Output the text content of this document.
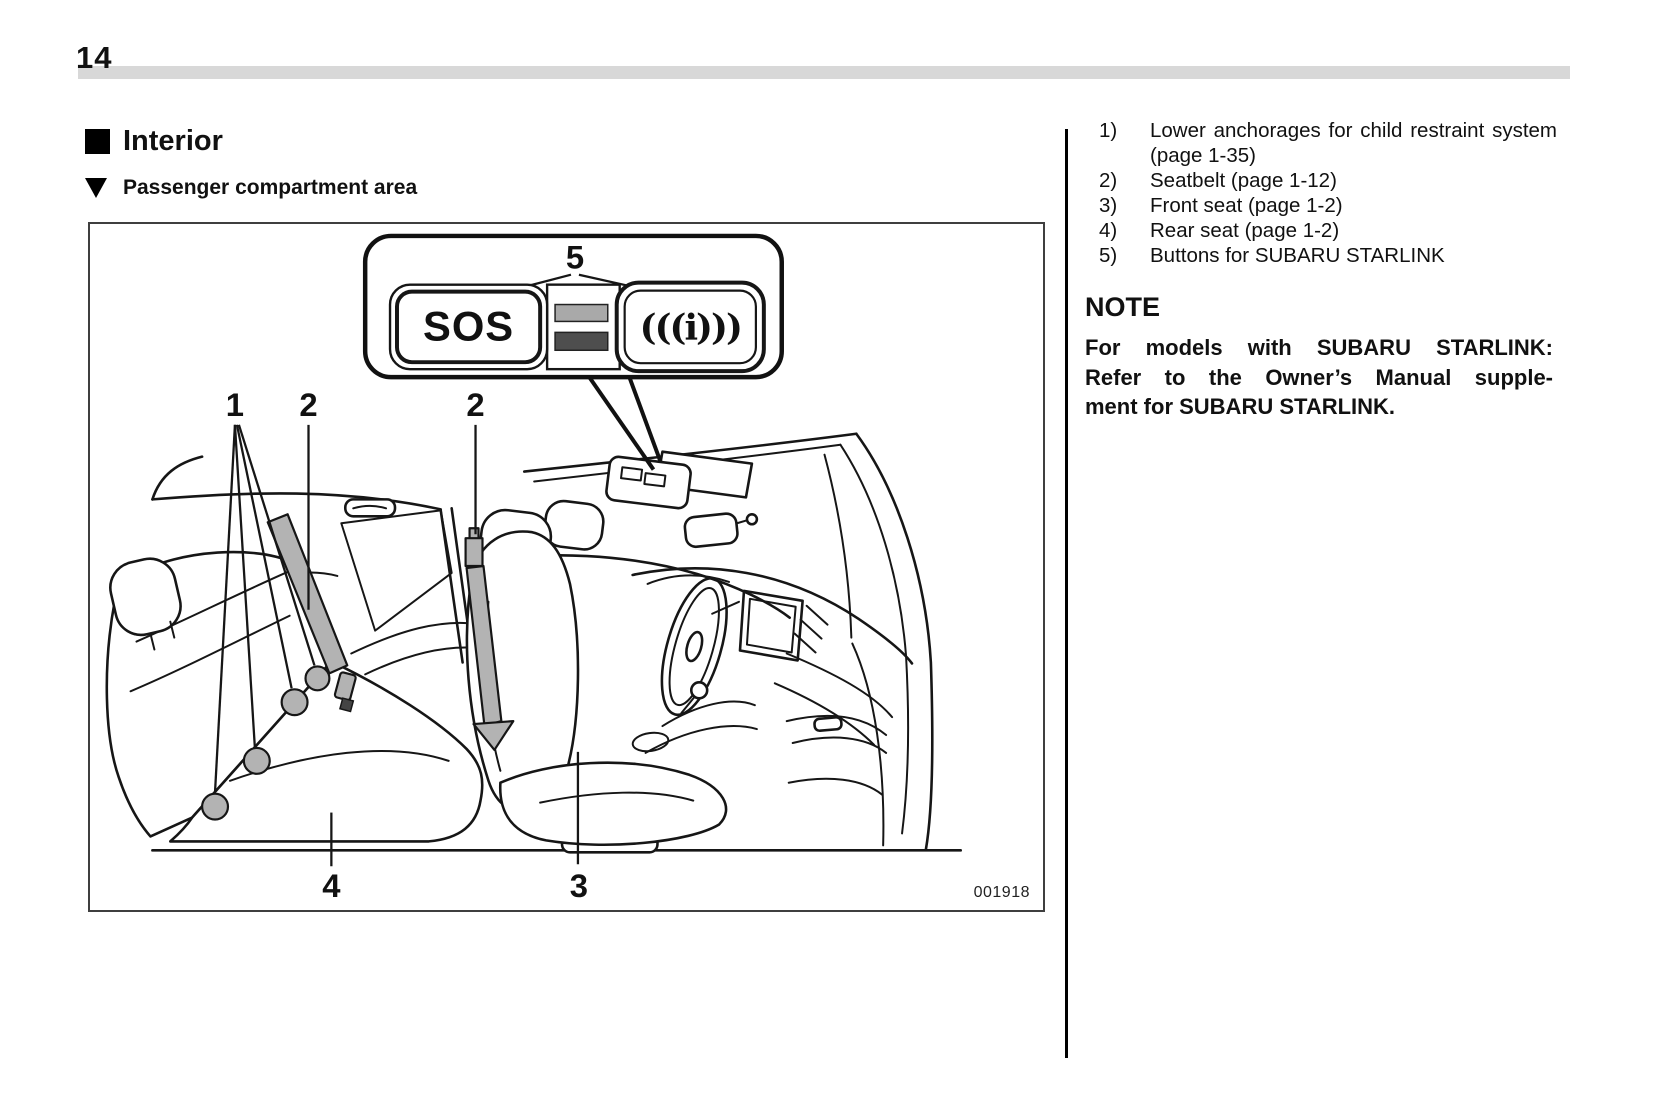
14
Interior
Passenger compartment area
1 2	2
3
4
5
SOS	(((i)))
001918
1)	Lower anchorages for child restraint system (page 1-35)
2)	Seatbelt (page 1-12)
3)	Front seat (page 1-2)
4)	Rear seat (page 1-2)
5)	Buttons for SUBARU STARLINK
NOTE
For models with SUBARU STARLINK:
Refer to the Owner’s Manual supple-
ment for SUBARU STARLINK.
